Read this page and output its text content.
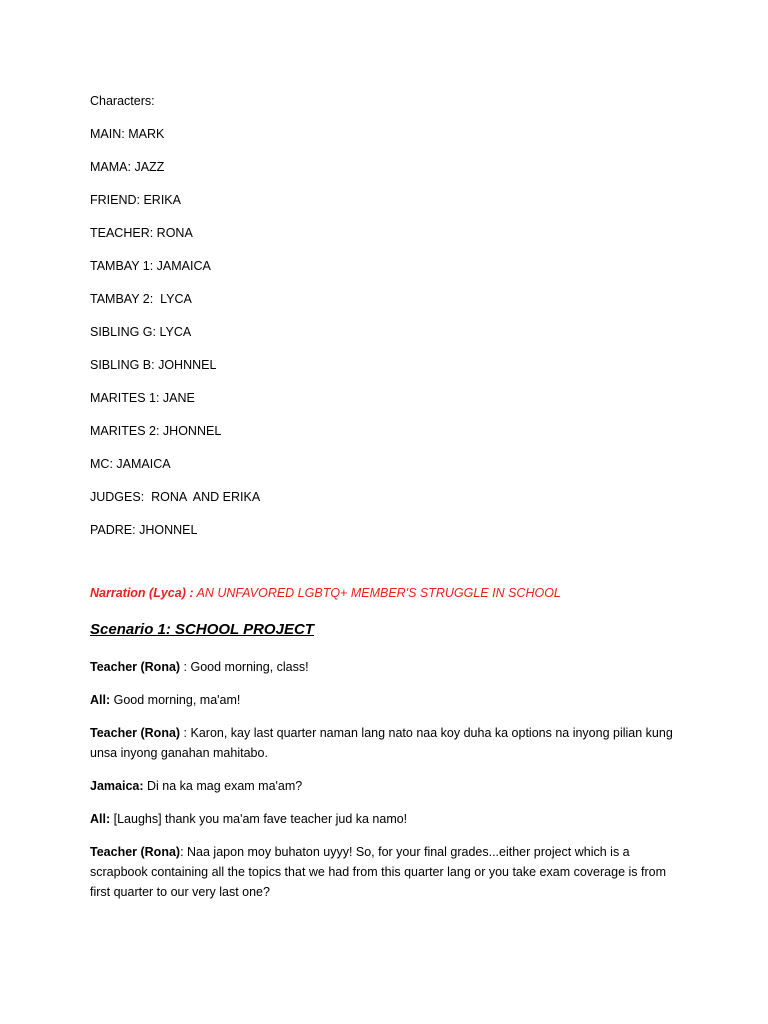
Characters:
MAIN: MARK
MAMA: JAZZ
FRIEND: ERIKA
TEACHER: RONA
TAMBAY 1: JAMAICA
TAMBAY 2:  LYCA
SIBLING G: LYCA
SIBLING B: JOHNNEL
MARITES 1: JANE
MARITES 2: JHONNEL
MC: JAMAICA
JUDGES:  RONA  AND ERIKA
PADRE: JHONNEL
Narration (Lyca) : AN UNFAVORED LGBTQ+ MEMBER'S STRUGGLE IN SCHOOL
Scenario 1: SCHOOL PROJECT
Teacher (Rona) : Good morning, class!
All: Good morning, ma'am!
Teacher (Rona) : Karon, kay last quarter naman lang nato naa koy duha ka options na inyong pilian kung unsa inyong ganahan mahitabo.
Jamaica: Di na ka mag exam ma'am?
All: [Laughs] thank you ma'am fave teacher jud ka namo!
Teacher (Rona): Naa japon moy buhaton uyyy! So, for your final grades...either project which is a scrapbook containing all the topics that we had from this quarter lang or you take exam coverage is from first quarter to our very last one?
